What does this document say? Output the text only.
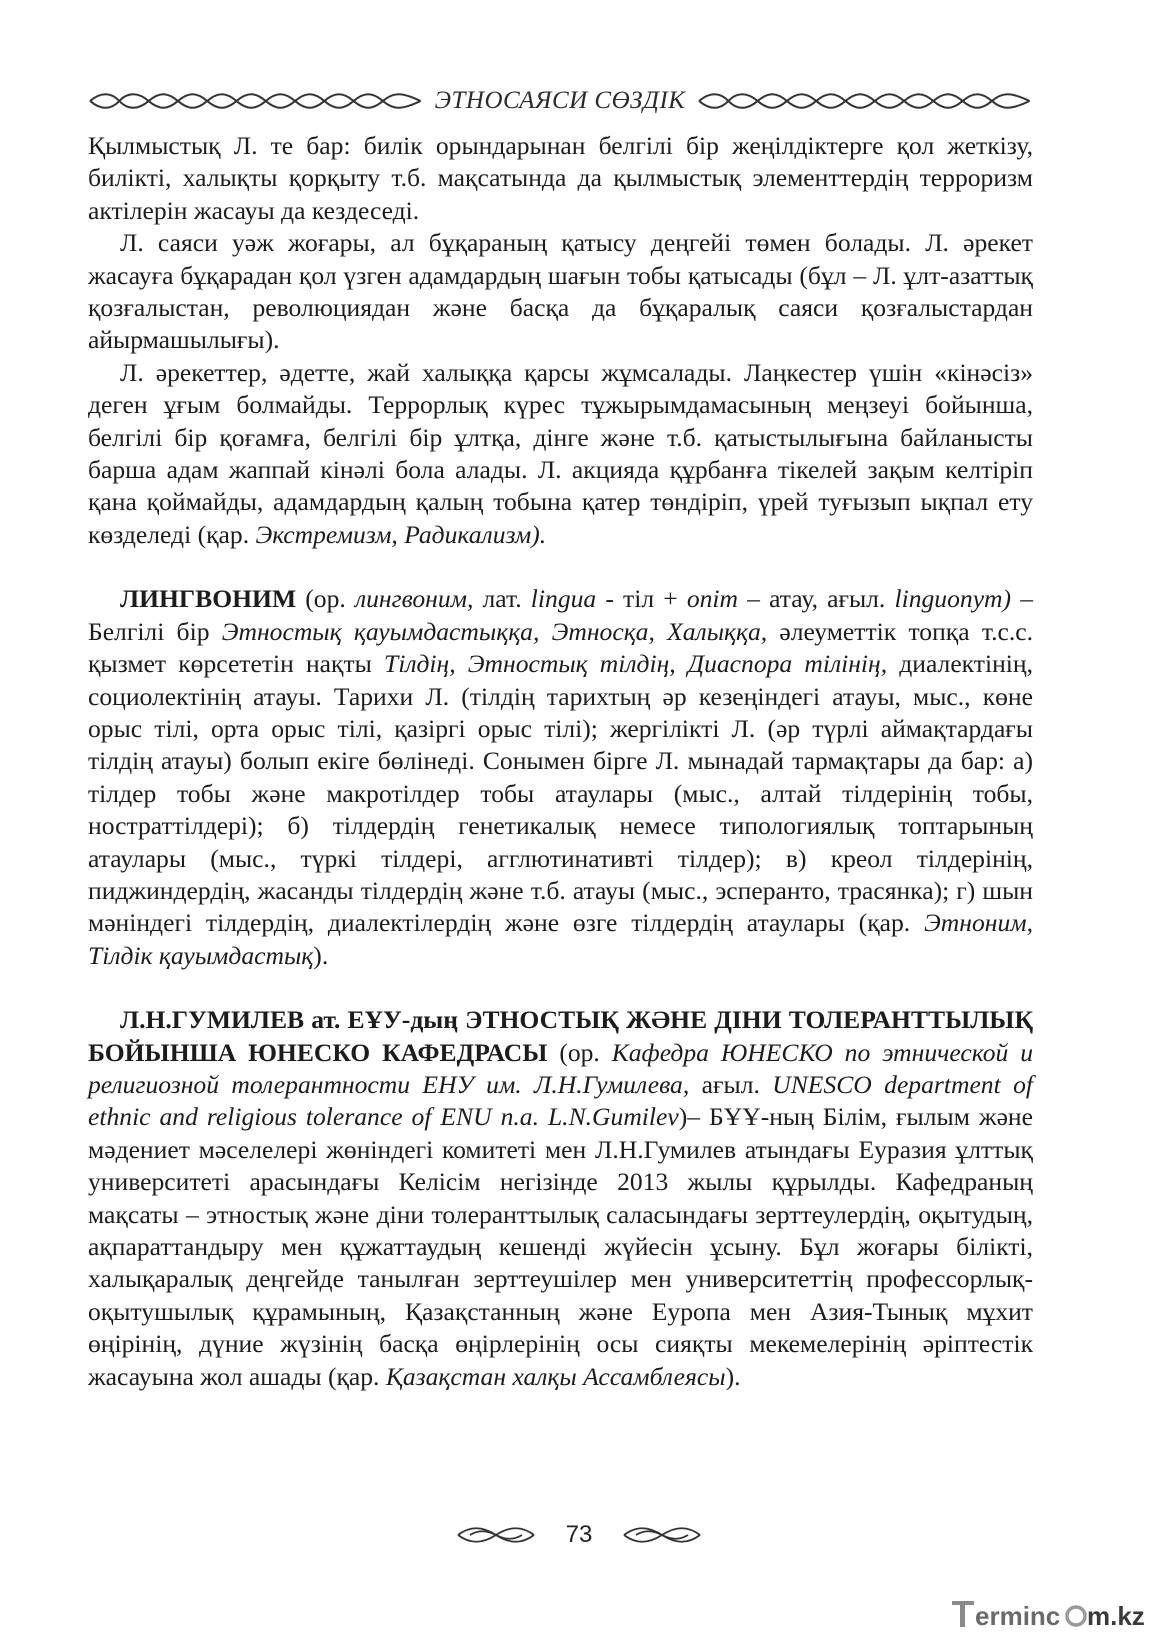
ЭТНОСАЯСИ СӨЗДІК

Қылмыстық Л. те бар: билік орындарынан белгілі бір жеңілдіктерге қол жеткізу, билікті, халықты қорқыту т.б. мақсатында да қылмыстық элементтердің терроризм актілерін жасауы да кездеседі.

Л. саяси уәж жоғары, ал бұқараның қатысу деңгейі төмен болады. Л. әрекет жасауға бұқарадан қол үзген адамдардың шағын тобы қатысады (бұл – Л. ұлт-азаттық қозғалыстан, революциядан және басқа да бұқаралық саяси қозғалыстардан айырмашылығы).

Л. әрекеттер, әдетте, жай халыққа қарсы жұмсалады. Лаңкестер үшін «кінәсіз» деген ұғым болмайды. Террорлық күрес тұжырымдамасының меңзеуі бойынша, белгілі бір қоғамға, белгілі бір ұлтқа, дінге және т.б. қатыстылығына байланысты барша адам жаппай кінәлі бола алады. Л. акцияда құрбанға тікелей зақым келтіріп қана қоймайды, адамдардың қалың тобына қатер төндіріп, үрей туғызып ықпал ету көзделеді (қар. Экстремизм, Радикализм).

ЛИНГВОНИМ (ор. лингвоним, лат. lingua - тіл + onim – атау, ағыл. linguonym) – Белгілі бір Этностық қауымдастыққа, Этносқа, Халыққа, әлеуметтік топқа т.с.с. қызмет көрсететін нақты Тілдің, Этностық тілдің, Диаспора тілінің, диалектінің, социолектінің атауы. Тарихи Л. (тілдің тарихтың әр кезеңіндегі атауы, мыс., көне орыс тілі, орта орыс тілі, қазіргі орыс тілі); жергілікті Л. (әр түрлі аймақтардағы тілдің атауы) болып екіге бөлінеді. Сонымен бірге Л. мынадай тармақтары да бар: а) тілдер тобы және макротілдер тобы атаулары (мыс., алтай тілдерінің тобы, ностраттілдері); б) тілдердің генетикалық немесе типологиялық топтарының атаулары (мыс., түркі тілдері, агглютинативті тілдер); в) креол тілдерінің, пиджиндердің, жасанды тілдердің және т.б. атауы (мыс., эсперанто, трасянка); г) шын мәніндегі тілдердің, диалектілердің және өзге тілдердің атаулары (қар. Этноним, Тілдік қауымдастық).

Л.Н.ГУМИЛЕВ ат. ЕҰУ-дың ЭТНОСТЫҚ ЖӘНЕ ДІНИ ТОЛЕРАНТТЫЛЫҚ БОЙЫНША ЮНЕСКО КАФЕДРАСЫ (ор. Кафедра ЮНЕСКО по этнической и религиозной толерантности ЕНУ им. Л.Н.Гумилева, ағыл. UNESCO department of ethnic and religious tolerance of ENU n.a. L.N.Gumilev)– БҰҰ-ның Білім, ғылым және мәдениет мәселелері жөніндегі комитеті мен Л.Н.Гумилев атындағы Еуразия ұлттық университеті арасындағы Келісім негізінде 2013 жылы құрылды. Кафедраның мақсаты – этностық және діни толеранттылық саласындағы зерттеулердің, оқытудың, ақпараттандыру мен құжаттаудың кешенді жүйесін ұсыну. Бұл жоғары білікті, халықаралық деңгейде танылған зерттеушілер мен университеттің профессорлық-оқытушылық құрамының, Қазақстанның және Еуропа мен Азия-Тынық мұхит өңірінің, дүние жүзінің басқа өңірлерінің осы сияқты мекемелерінің әріптестік жасауына жол ашады (қар. Қазақстан халқы Ассамблеясы).

73
erminc m.kz
